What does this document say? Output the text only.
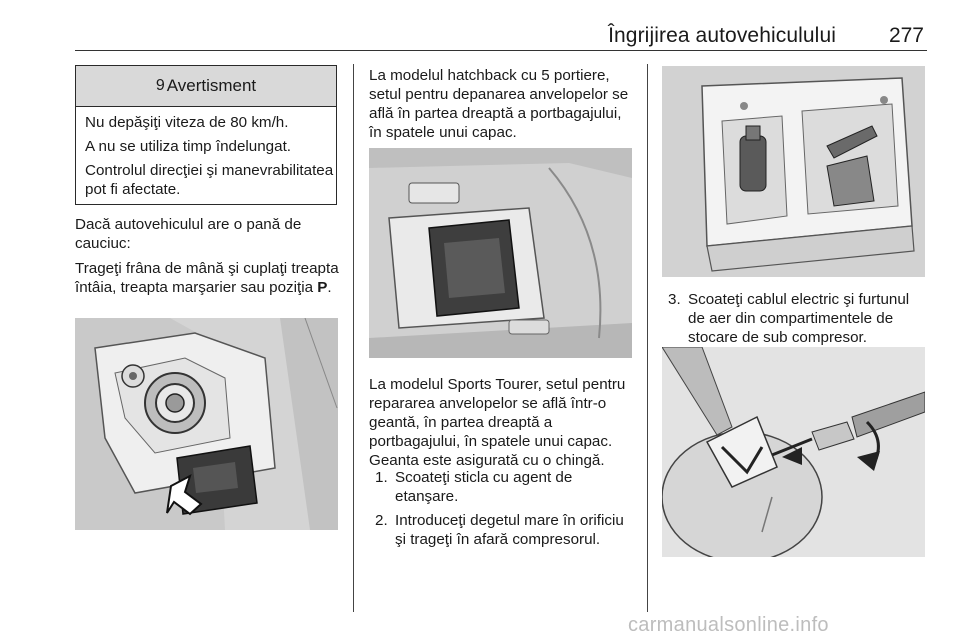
Îngrijirea autovehiculului	277
9 Avertisment

Nu depăşiţi viteza de 80 km/h.

A nu se utiliza timp îndelungat.

Controlul direcţiei şi manevrabilitatea pot fi afectate.

Dacă autovehiculul are o pană de cauciuc:

Trageţi frâna de mână şi cuplaţi treapta întâia, treapta marşarier sau poziţia P.

La modelul hatchback cu 5 portiere, setul pentru depanarea anvelopelor se află în partea dreaptă a portbagajului, în spatele unui capac.

La modelul Sports Tourer, setul pentru repararea anvelopelor se află într-o geantă, în partea dreaptă a portbagajului, în spatele unui capac. Geanta este asigurată cu o chingă.

1. Scoateţi sticla cu agent de etanşare.
2. Introduceţi degetul mare în orificiu şi trageţi în afară compresorul.
3. Scoateţi cablul electric şi furtunul de aer din compartimentele de stocare de sub compresor.
carmanualsonline.info
